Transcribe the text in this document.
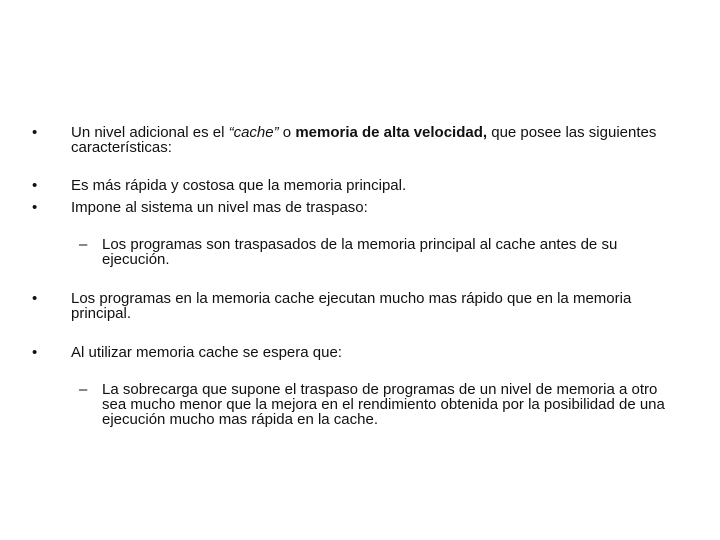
•	Un nivel adicional es el “cache” o memoria de alta velocidad, que posee las siguientes características:
•	Es más rápida y costosa que la memoria principal.
•	Impone al sistema un nivel mas de traspaso:
– Los programas son traspasados de la memoria principal al cache antes de su ejecución.
•	Los programas en la memoria cache ejecutan mucho mas rápido que en la memoria principal.
•	Al utilizar memoria cache se espera que:
– La sobrecarga que supone el traspaso de programas de un nivel de memoria a otro sea mucho menor que la mejora en el rendimiento obtenida por la posibilidad de una ejecución mucho mas rápida en la cache.
